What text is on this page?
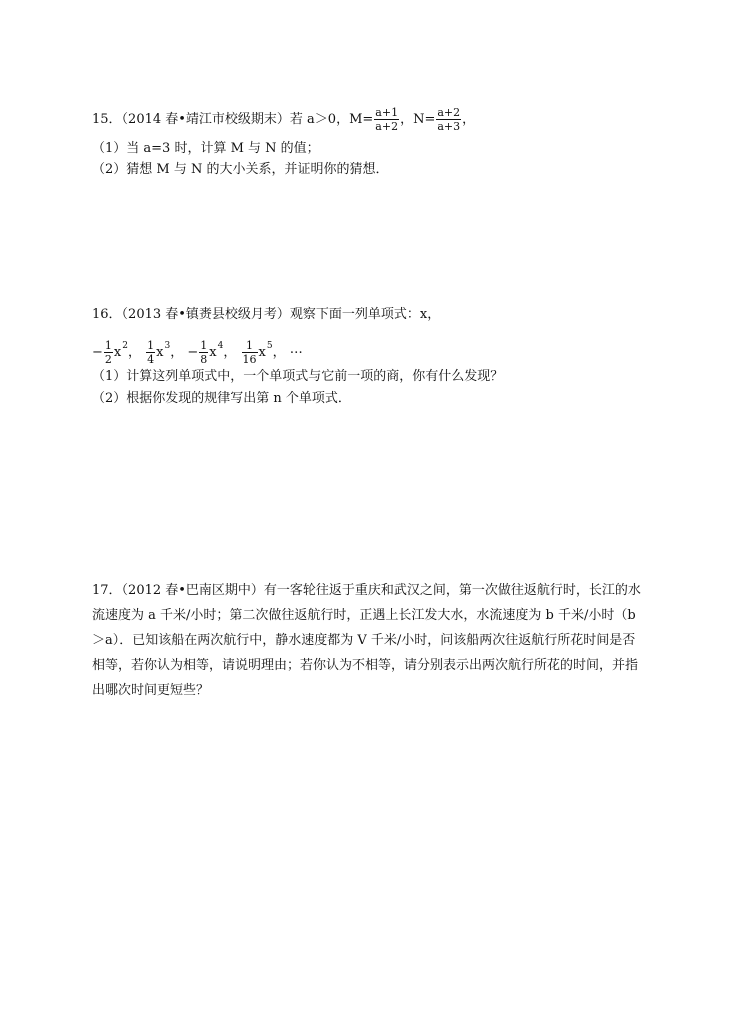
15．（2014 春•靖江市校级期末）若 a＞0，$M= \frac{a+1}{a+2}$ ，$N= \frac{a+2}{a+3}$ ，
（1）当 a=3 时，计算 M 与 N 的值；
（2）猜想 M 与 N 的大小关系，并证明你的猜想．
16．（2013 春•镇赉县校级月考）观察下面一列单项式：x，
− $\frac{1}{2} x^2$， $\frac{1}{4} x^3$， − $\frac{1}{8} x^4$， $\frac{1}{16} x^5$， …
（1）计算这列单项式中，一个单项式与它前一项的商，你有什么发现？
（2）根据你发现的规律写出第 n 个单项式．
17．（2012 春•巴南区期中）有一客轮往返于重庆和武汉之间，第一次做往返航行时，长江的水流速度为 a 千米/小时；第二次做往返航行时，正遇上长江发大水，水流速度为 b 千米/小时（b＞a）．已知该船在两次航行中，静水速度都为 V 千米/小时，问该船两次往返航行所花时间是否相等，若你认为相等，请说明理由；若你认为不相等，请分别表示出两次航行所花的时间，并指出哪次时间更短些？
